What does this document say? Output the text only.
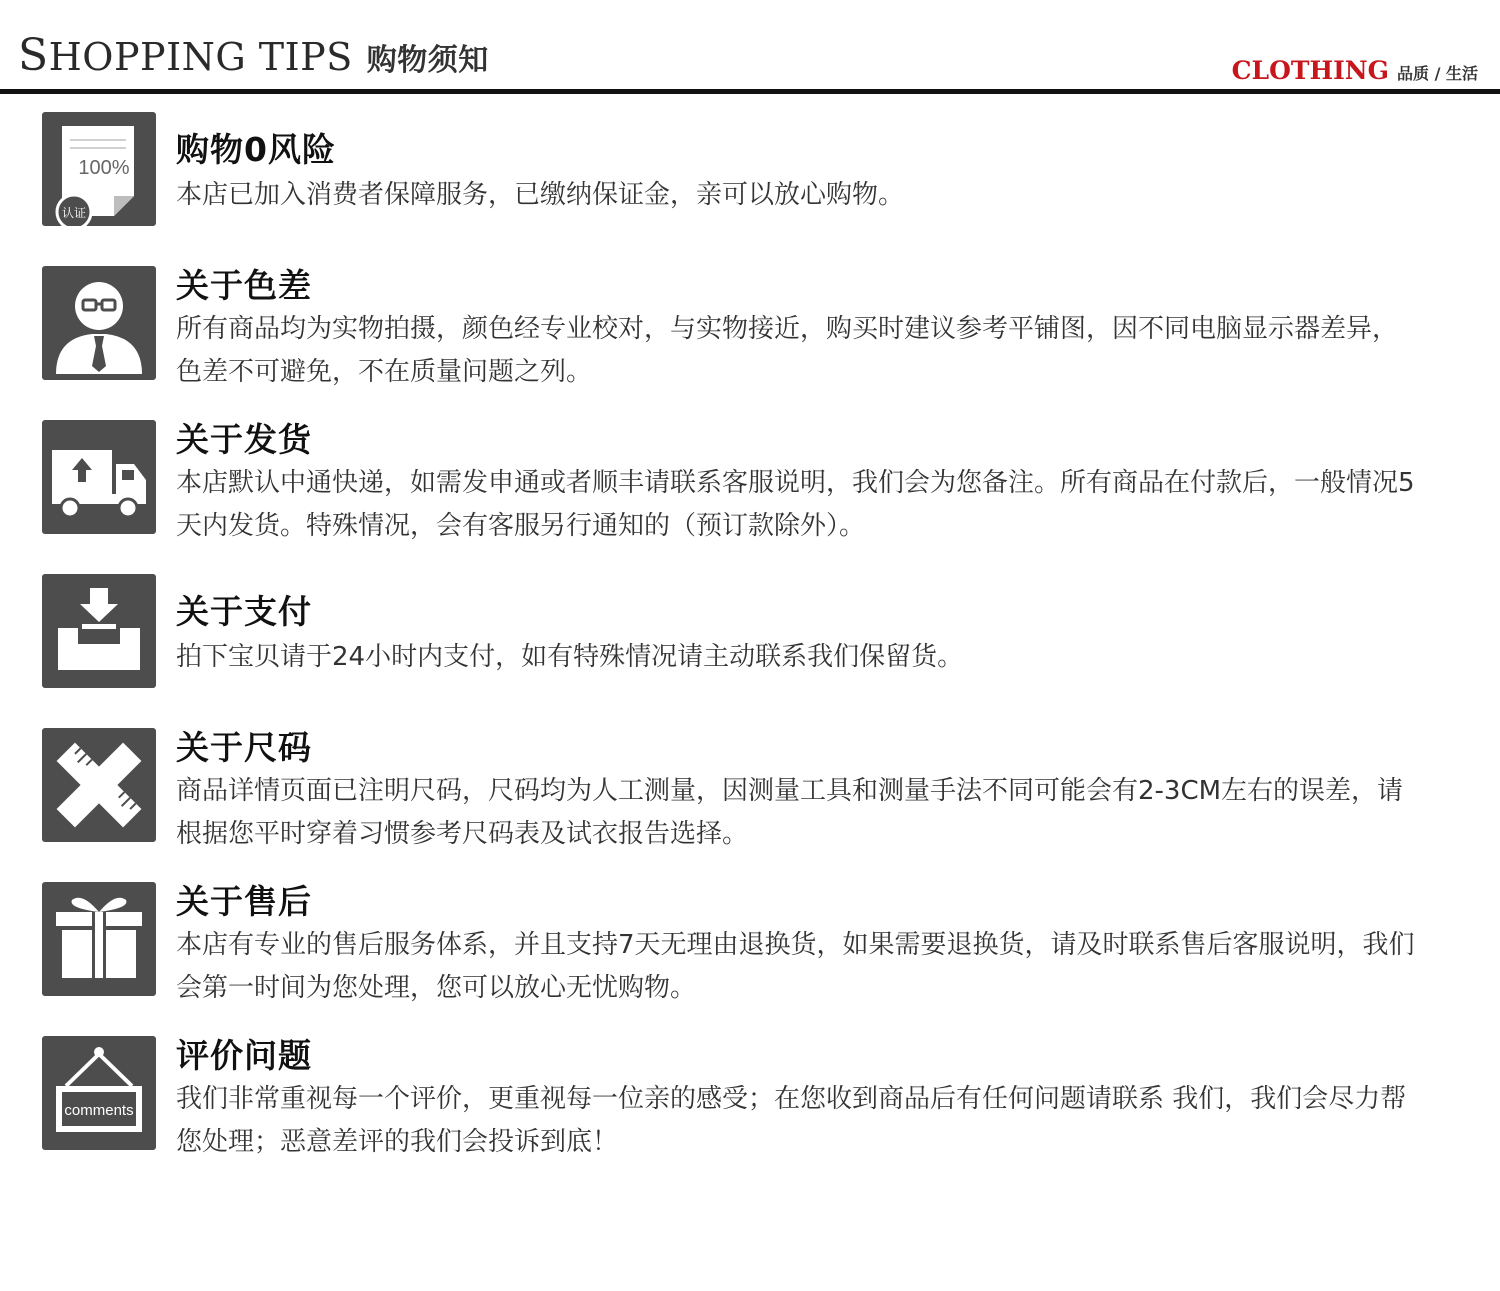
SHOPPING TIPS 购物须知	CLOTHING 品质 / 生活
100%
认证
购物0风险
本店已加入消费者保障服务，已缴纳保证金，亲可以放心购物。
关于色差
所有商品均为实物拍摄，颜色经专业校对，与实物接近，购买时建议参考平铺图，因不同电脑显示器差异，色差不可避免，不在质量问题之列。
关于发货
本店默认中通快递，如需发申通或者顺丰请联系客服说明，我们会为您备注。所有商品在付款后，一般情况5天内发货。特殊情况，会有客服另行通知的（预订款除外）。
关于支付
拍下宝贝请于24小时内支付，如有特殊情况请主动联系我们保留货。
关于尺码
商品详情页面已注明尺码，尺码均为人工测量，因测量工具和测量手法不同可能会有2-3CM左右的误差，请根据您平时穿着习惯参考尺码表及试衣报告选择。
关于售后
本店有专业的售后服务体系，并且支持7天无理由退换货，如果需要退换货，请及时联系售后客服说明，我们会第一时间为您处理，您可以放心无忧购物。
comments
评价问题
我们非常重视每一个评价，更重视每一位亲的感受；在您收到商品后有任何问题请联系 我们，我们会尽力帮您处理；恶意差评的我们会投诉到底！
